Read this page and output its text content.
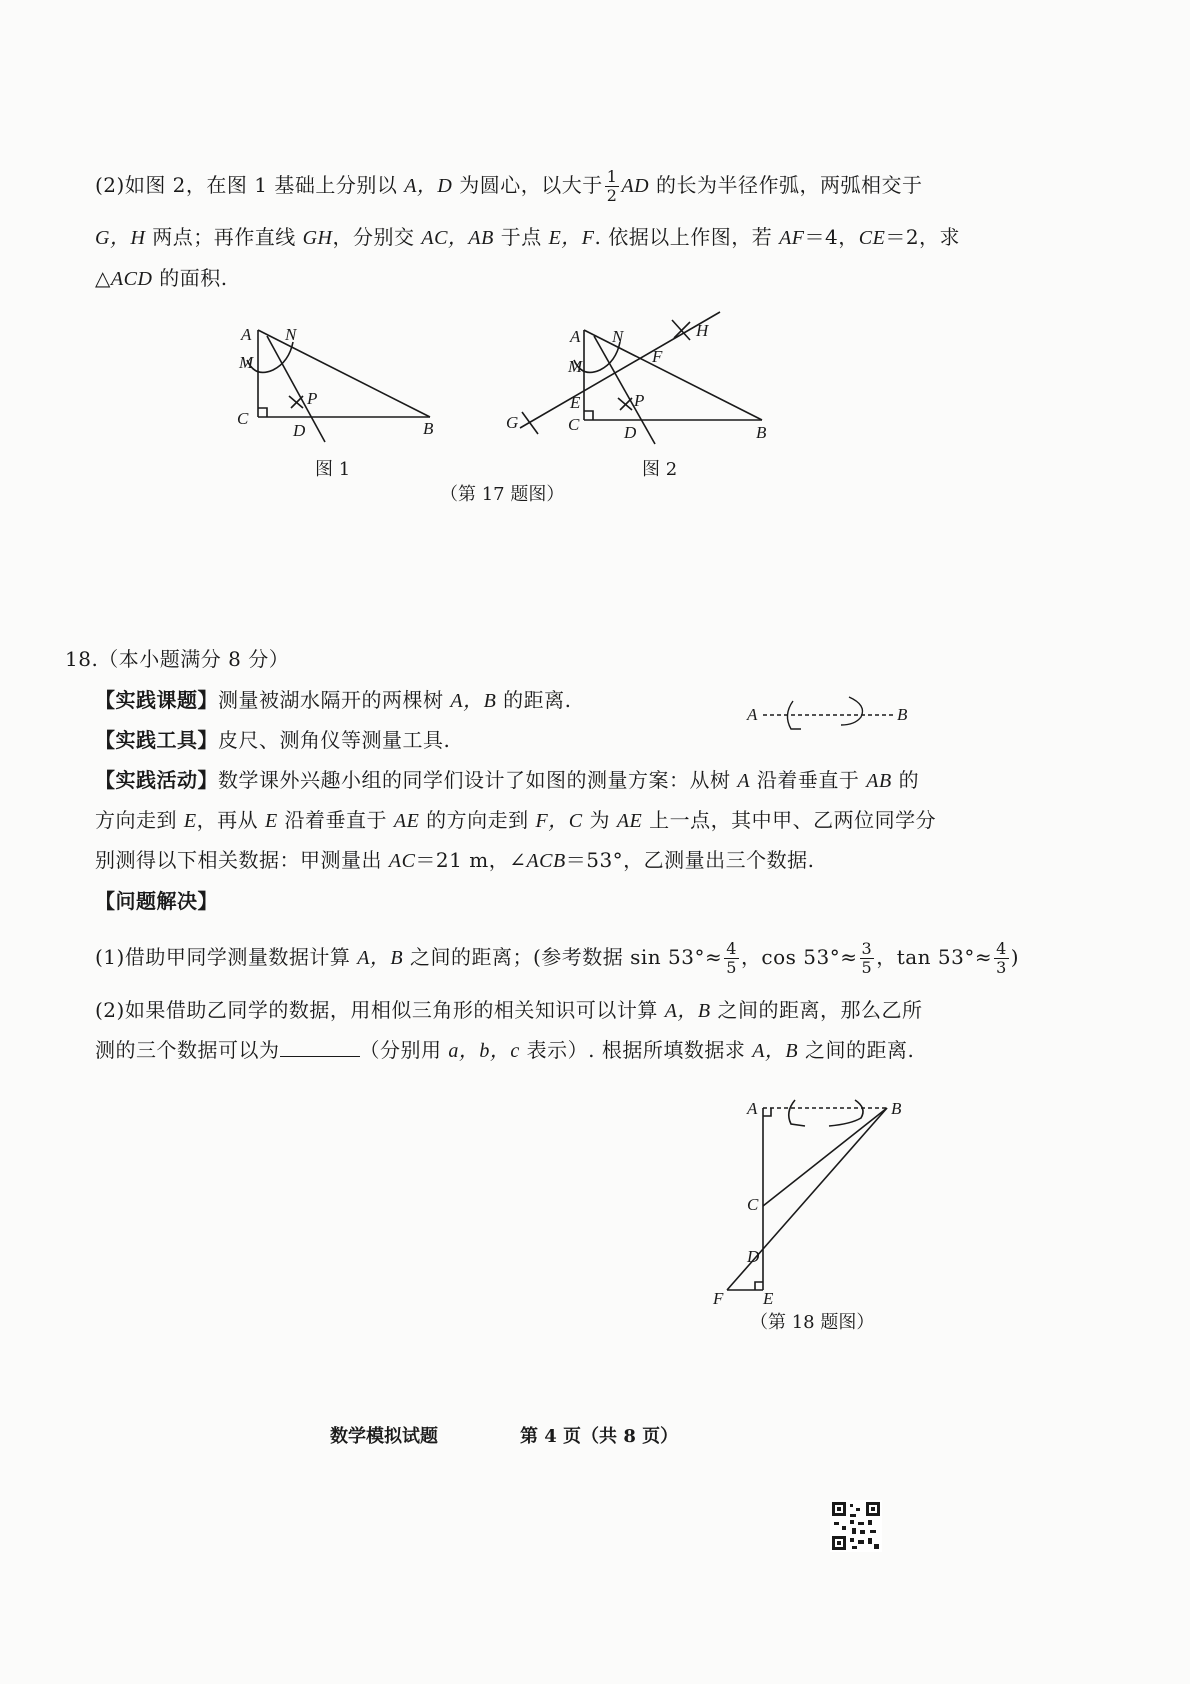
(2)如图 2，在图 1 基础上分别以 A，D 为圆心，以大于 $\frac{1}{2}$ AD 的长为半径作弧，两弧相交于
G，H 两点；再作直线 GH，分别交 AC，AB 于点 E，F. 依据以上作图，若 AF＝4，CE＝2，求
△ACD 的面积.
A N
M
P
C
D	B
图 1
A N
M
F
H
E	P
G	C	D	B
图 2
（第 17 题图）
18.（本小题满分 8 分）
【实践课题】测量被湖水隔开的两棵树 A，B 的距离.
【实践工具】皮尺、测角仪等测量工具.
A	B
【实践活动】数学课外兴趣小组的同学们设计了如图的测量方案：从树 A 沿着垂直于 AB 的
方向走到 E，再从 E 沿着垂直于 AE 的方向走到 F，C 为 AE 上一点，其中甲、乙两位同学分
别测得以下相关数据：甲测量出 AC＝21 m，∠ACB＝53°，乙测量出三个数据.
【问题解决】
(1)借助甲同学测量数据计算 A，B 之间的距离；(参考数据 $\sin 53^\circ\approx \frac{4}{5}$ ，$\cos 53^\circ\approx \frac{3}{5}$ ，$\tan 53^\circ\approx \frac{4}{3}$ )
(2)如果借助乙同学的数据，用相似三角形的相关知识可以计算 A，B 之间的距离，那么乙所
测的三个数据可以为	（分别用 a，b，c 表示）. 根据所填数据求 A，B 之间的距离.
A	B
C
D
F E
（第 18 题图）
数学模拟试题	第 4 页（共 8 页）
